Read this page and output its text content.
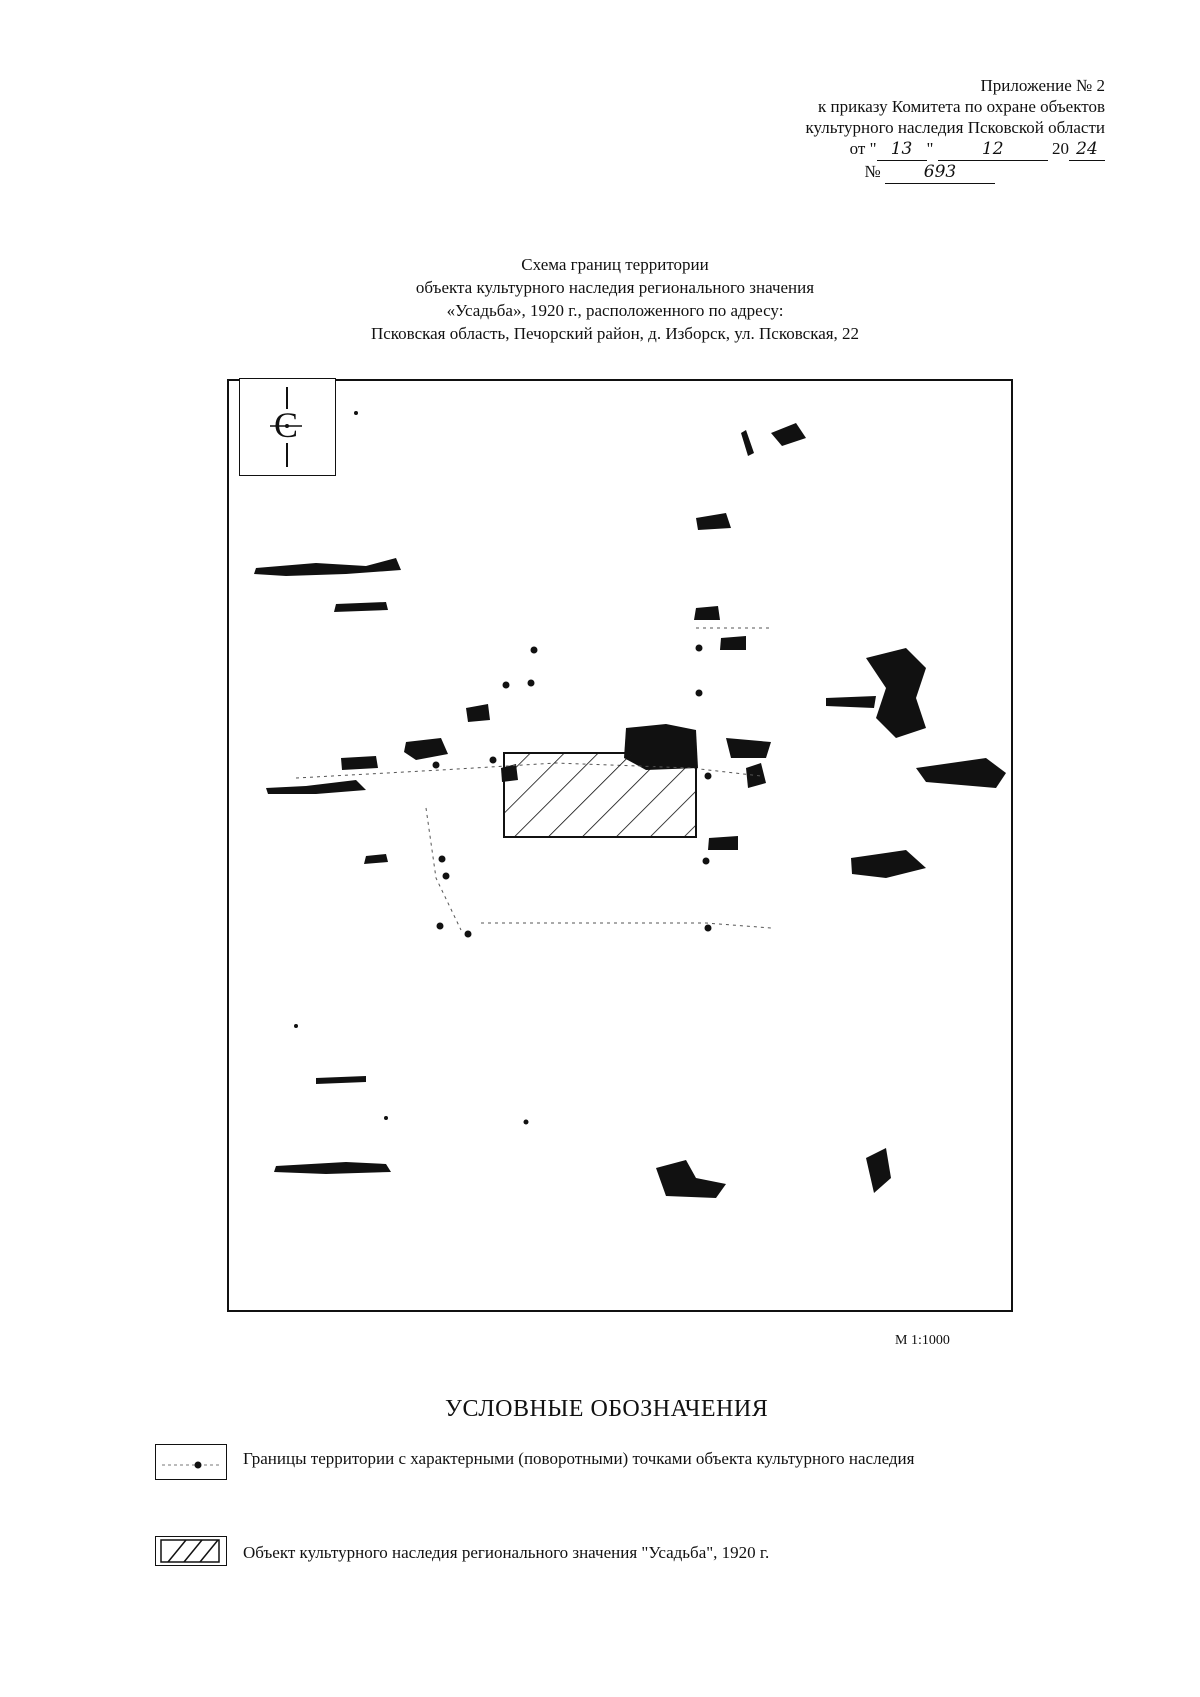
Приложение № 2
к приказу Комитета по охране объектов
культурного наследия Псковской области
от " 13 "	12	20 24
№	693
Схема границ территории
объекта культурного наследия регионального значения
«Усадьба», 1920 г., расположенного по адресу:
Псковская область, Печорский район, д. Изборск, ул. Псковская, 22
С
М 1:1000
УСЛОВНЫЕ ОБОЗНАЧЕНИЯ
Границы территории с характерными (поворотными) точками объекта культурного наследия
Объект культурного наследия регионального значения "Усадьба", 1920 г.
